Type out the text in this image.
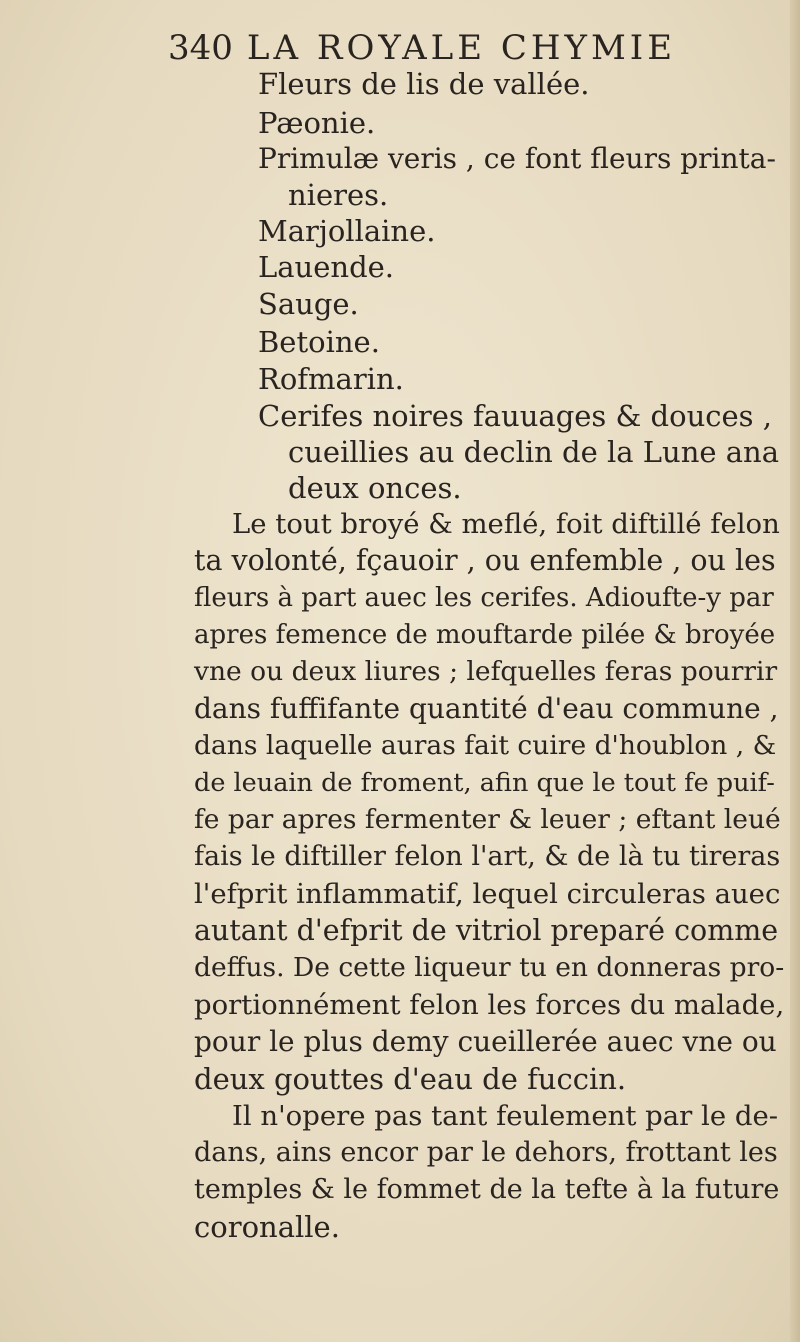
340 LA ROYALE CHYMIE
Fleurs de lis de vallée.
Pæonie.
Primulæ veris , ce font fleurs printa-
nieres.
Marjollaine.
Lauende.
Sauge.
Betoine.
Rofmarin.
Cerifes noires fauuages & douces ,
cueillies au declin de la Lune ana
deux onces.
Le tout broyé & meflé, foit diftillé felon
ta volonté, fçauoir , ou enfemble , ou les
fleurs à part auec les cerifes. Adioufte-y par
apres femence de mouftarde pilée & broyée
vne ou deux liures ; lefquelles feras pourrir
dans fuffifante quantité d'eau commune ,
dans laquelle auras fait cuire d'houblon , &
de leuain de froment, afin que le tout fe puif-
fe par apres fermenter & leuer ; eftant leué
fais le diftiller felon l'art, & de là tu tireras
l'efprit inflammatif, lequel circuleras auec
autant d'efprit de vitriol preparé comme
deffus. De cette liqueur tu en donneras pro-
portionnément felon les forces du malade,
pour le plus demy cueillerée auec vne ou
deux gouttes d'eau de fuccin.
Il n'opere pas tant feulement par le de-
dans, ains encor par le dehors, frottant les
temples & le fommet de la tefte à la future
coronalle.
